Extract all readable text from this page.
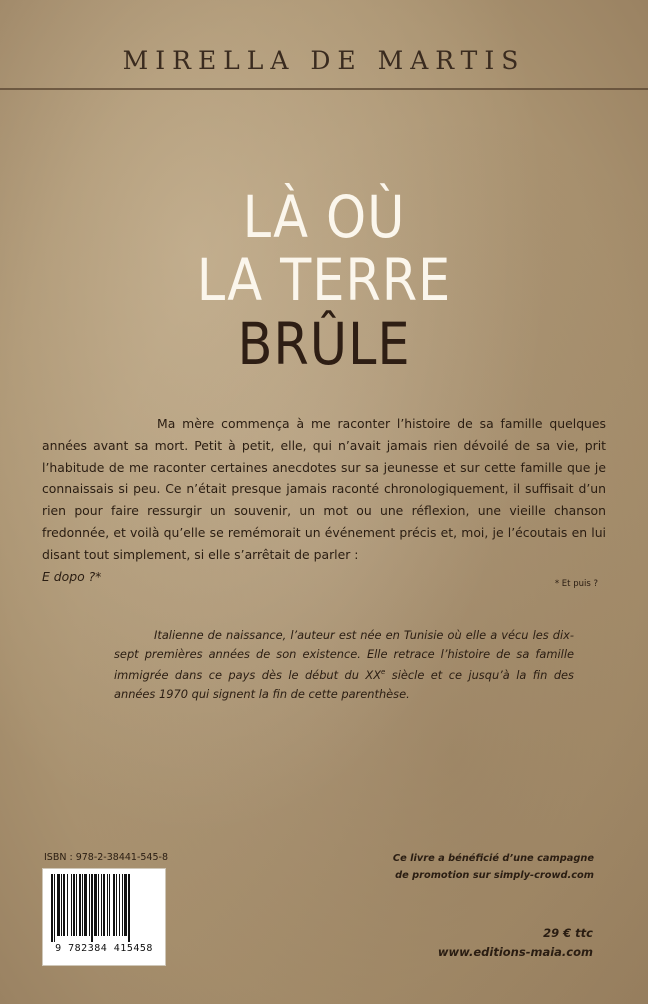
MIRELLA DE MARTIS
LÀ OÙ
LA TERRE
BRÛLE
Ma mère commença à me raconter l’histoire de sa famille quelques années avant sa mort. Petit à petit, elle, qui n’avait jamais rien dévoilé de sa vie, prit l’habitude de me raconter certaines anecdotes sur sa jeunesse et sur cette famille que je connaissais si peu. Ce n’était presque jamais raconté chronologiquement, il suffisait d’un rien pour faire ressurgir un souvenir, un mot ou une réflexion, une vieille chanson fredonnée, et voilà qu’elle se remémorait un événement précis et, moi, je l’écoutais en lui disant tout simplement, si elle s’arrêtait de parler :
E dopo ?*
* Et puis ?
Italienne de naissance, l’auteur est née en Tunisie où elle a vécu les dix-sept premières années de son existence. Elle retrace l’histoire de sa famille immigrée dans ce pays dès le début du XXe siècle et ce jusqu’à la fin des années 1970 qui signent la fin de cette parenthèse.
ISBN : 978-2-38441-545-8
9 782384 415458
Ce livre a bénéficié d’une campagne
de promotion sur simply-crowd.com
29 € ttc
www.editions-maia.com
